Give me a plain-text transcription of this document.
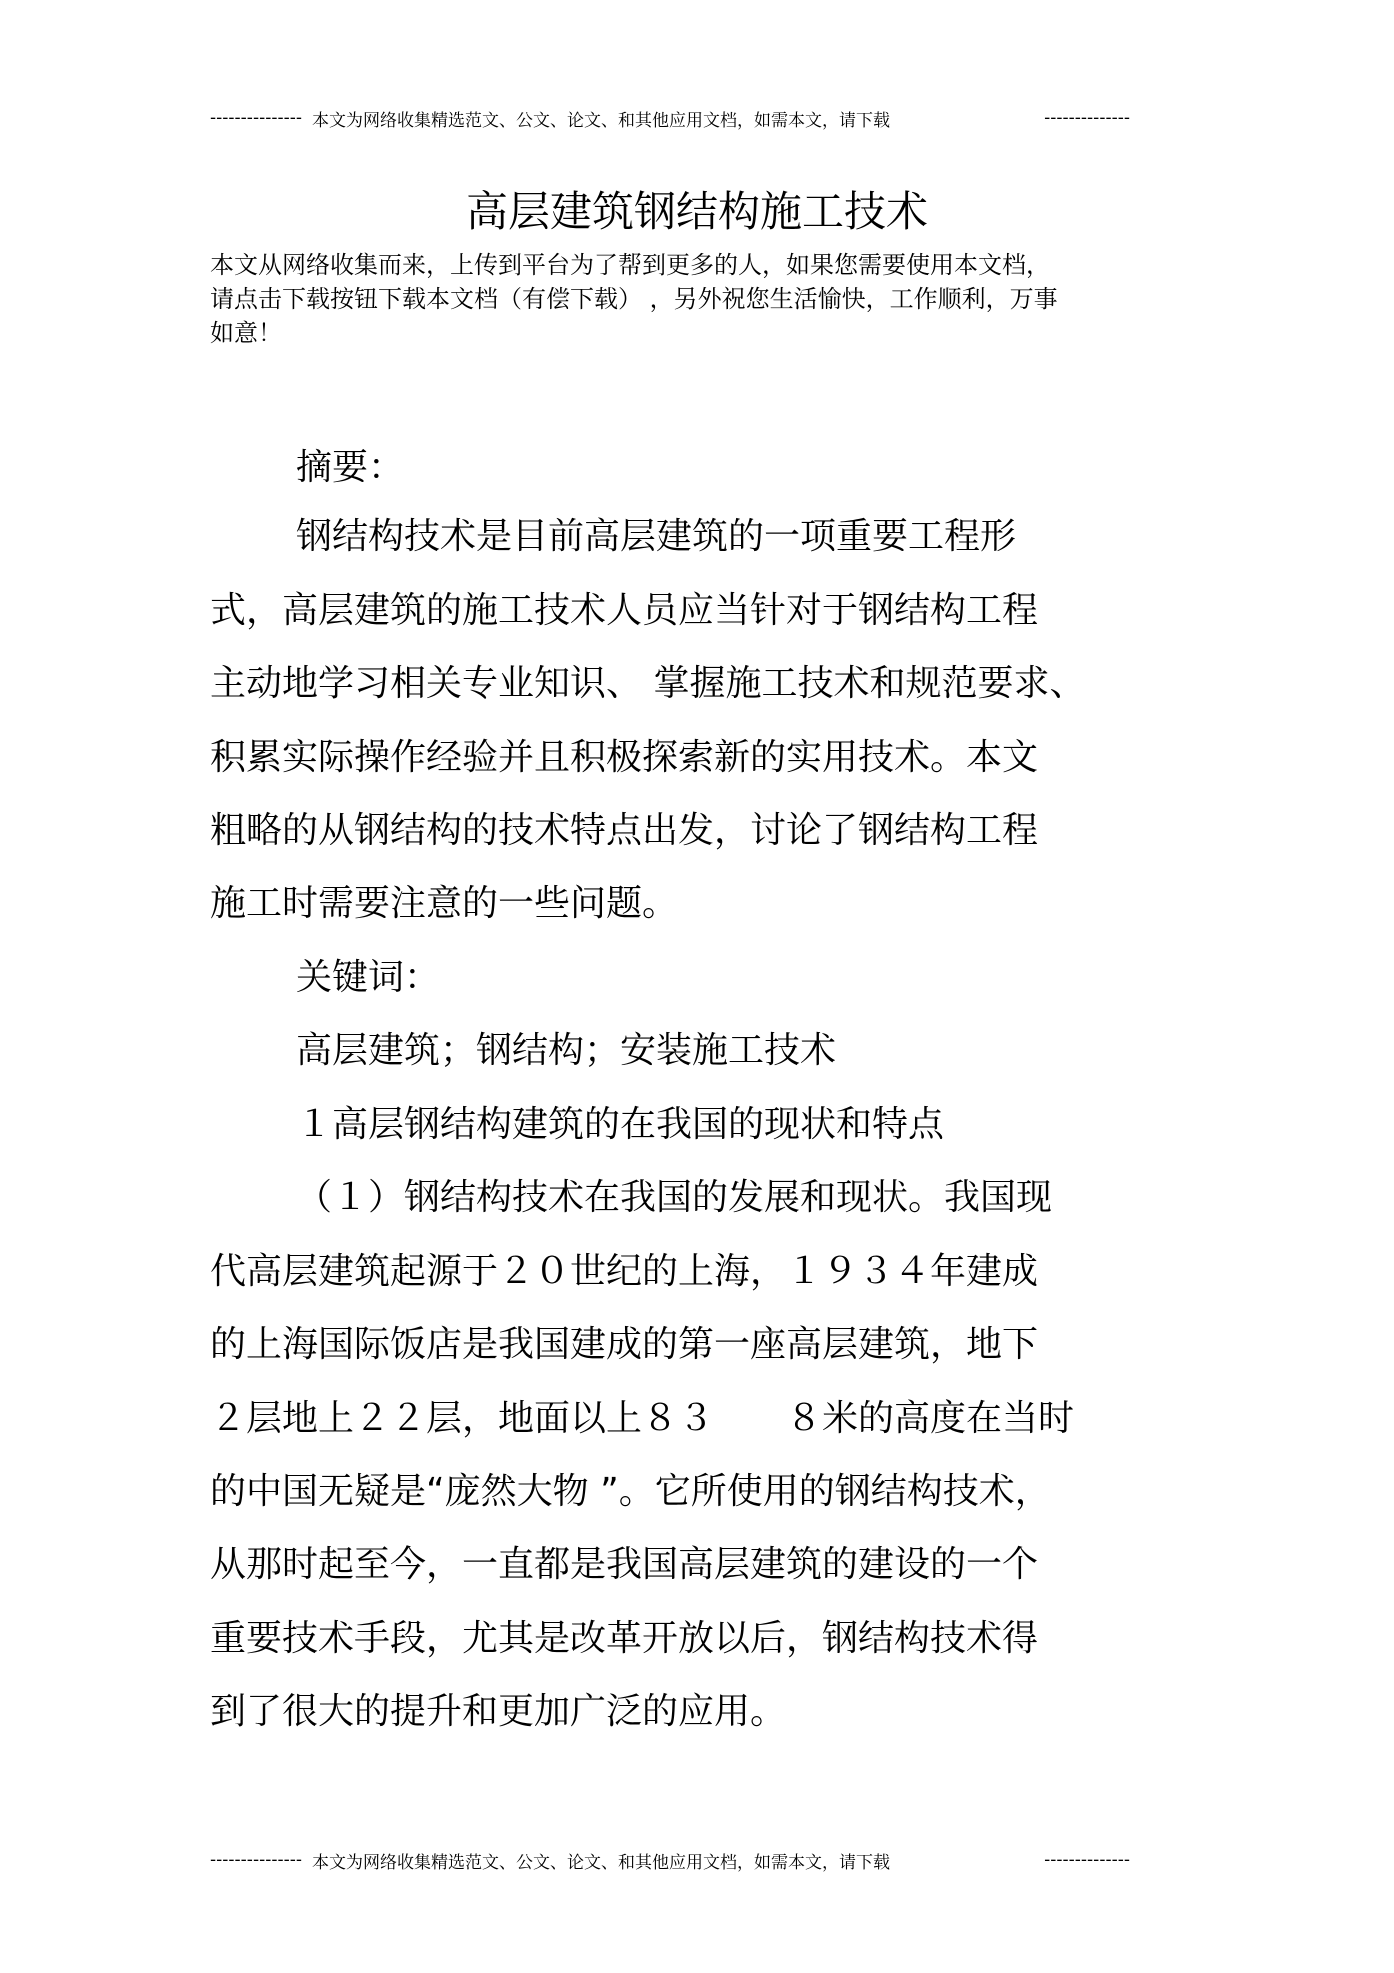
--------------- 本文为网络收集精选范文、公文、论文、和其他应用文档，如需本文，请下载	--------------
高层建筑钢结构施工技术
本文从网络收集而来，上传到平台为了帮到更多的人，如果您需要使用本文档，
请点击下载按钮下载本文档（有偿下载） ，另外祝您生活愉快，工作顺利，万事
如意！
摘要：
钢结构技术是目前高层建筑的一项重要工程形
式，高层建筑的施工技术人员应当针对于钢结构工程
主动地学习相关专业知识、 掌握施工技术和规范要求、
积累实际操作经验并且积极探索新的实用技术。本文
粗略的从钢结构的技术特点出发，讨论了钢结构工程
施工时需要注意的一些问题。
关键词：
高层建筑；钢结构；安装施工技术
１高层钢结构建筑的在我国的现状和特点
（１）钢结构技术在我国的发展和现状。我国现
代高层建筑起源于２０世纪的上海，１９３４年建成
的上海国际饭店是我国建成的第一座高层建筑，地下
２层地上２２层，地面以上８３　　８米的高度在当时
的中国无疑是“庞然大物 ”。它所使用的钢结构技术，
从那时起至今，一直都是我国高层建筑的建设的一个
重要技术手段，尤其是改革开放以后，钢结构技术得
到了很大的提升和更加广泛的应用。
--------------- 本文为网络收集精选范文、公文、论文、和其他应用文档，如需本文，请下载	--------------
